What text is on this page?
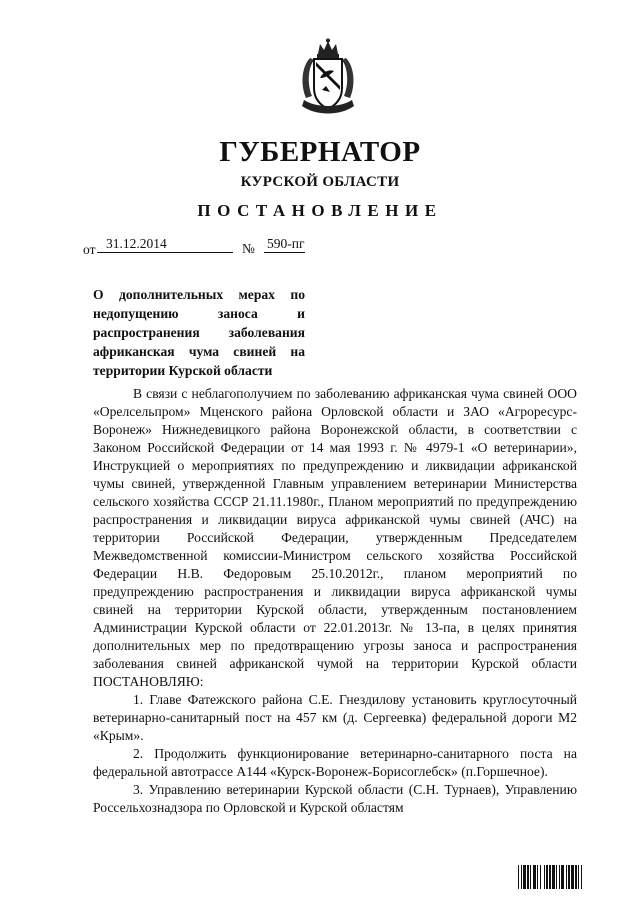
ГУБЕРНАТОР
КУРСКОЙ ОБЛАСТИ
ПОСТАНОВЛЕНИЕ
от 31.12.2014	№ 590-пг
О дополнительных мерах по недопущению заноса и распространения заболевания африканская чума свиней на территории Курской области

В связи с неблагополучием по заболеванию африканская чума свиней ООО «Орелсельпром» Мценского района Орловской области и ЗАО «Агроресурс-Воронеж» Нижнедевицкого района Воронежской области, в соответствии с Законом Российской Федерации от 14 мая 1993 г. № 4979-1 «О ветеринарии», Инструкцией о мероприятиях по предупреждению и ликвидации африканской чумы свиней, утвержденной Главным управлением ветеринарии Министерства сельского хозяйства СССР 21.11.1980г., Планом мероприятий по предупреждению распространения и ликвидации вируса африканской чумы свиней (АЧС) на территории Российской Федерации, утвержденным Председателем Межведомственной комиссии-Министром сельского хозяйства Российской Федерации Н.В. Федоровым 25.10.2012г., планом мероприятий по предупреждению распространения и ликвидации вируса африканской чумы свиней на территории Курской области, утвержденным постановлением Администрации Курской области от 22.01.2013г. № 13-па, в целях принятия дополнительных мер по предотвращению угрозы заноса и распространения заболевания свиней африканской чумой на территории Курской области ПОСТАНОВЛЯЮ:

1. Главе Фатежского района С.Е. Гнездилову установить круглосуточный ветеринарно-санитарный пост на 457 км (д. Сергеевка) федеральной дороги М2 «Крым».

2. Продолжить функционирование ветеринарно-санитарного поста на федеральной автотрассе А144 «Курск-Воронеж-Борисоглебск» (п.Горшечное).

3. Управлению ветеринарии Курской области (С.Н. Турнаев), Управлению Россельхознадзора по Орловской и Курской областям
